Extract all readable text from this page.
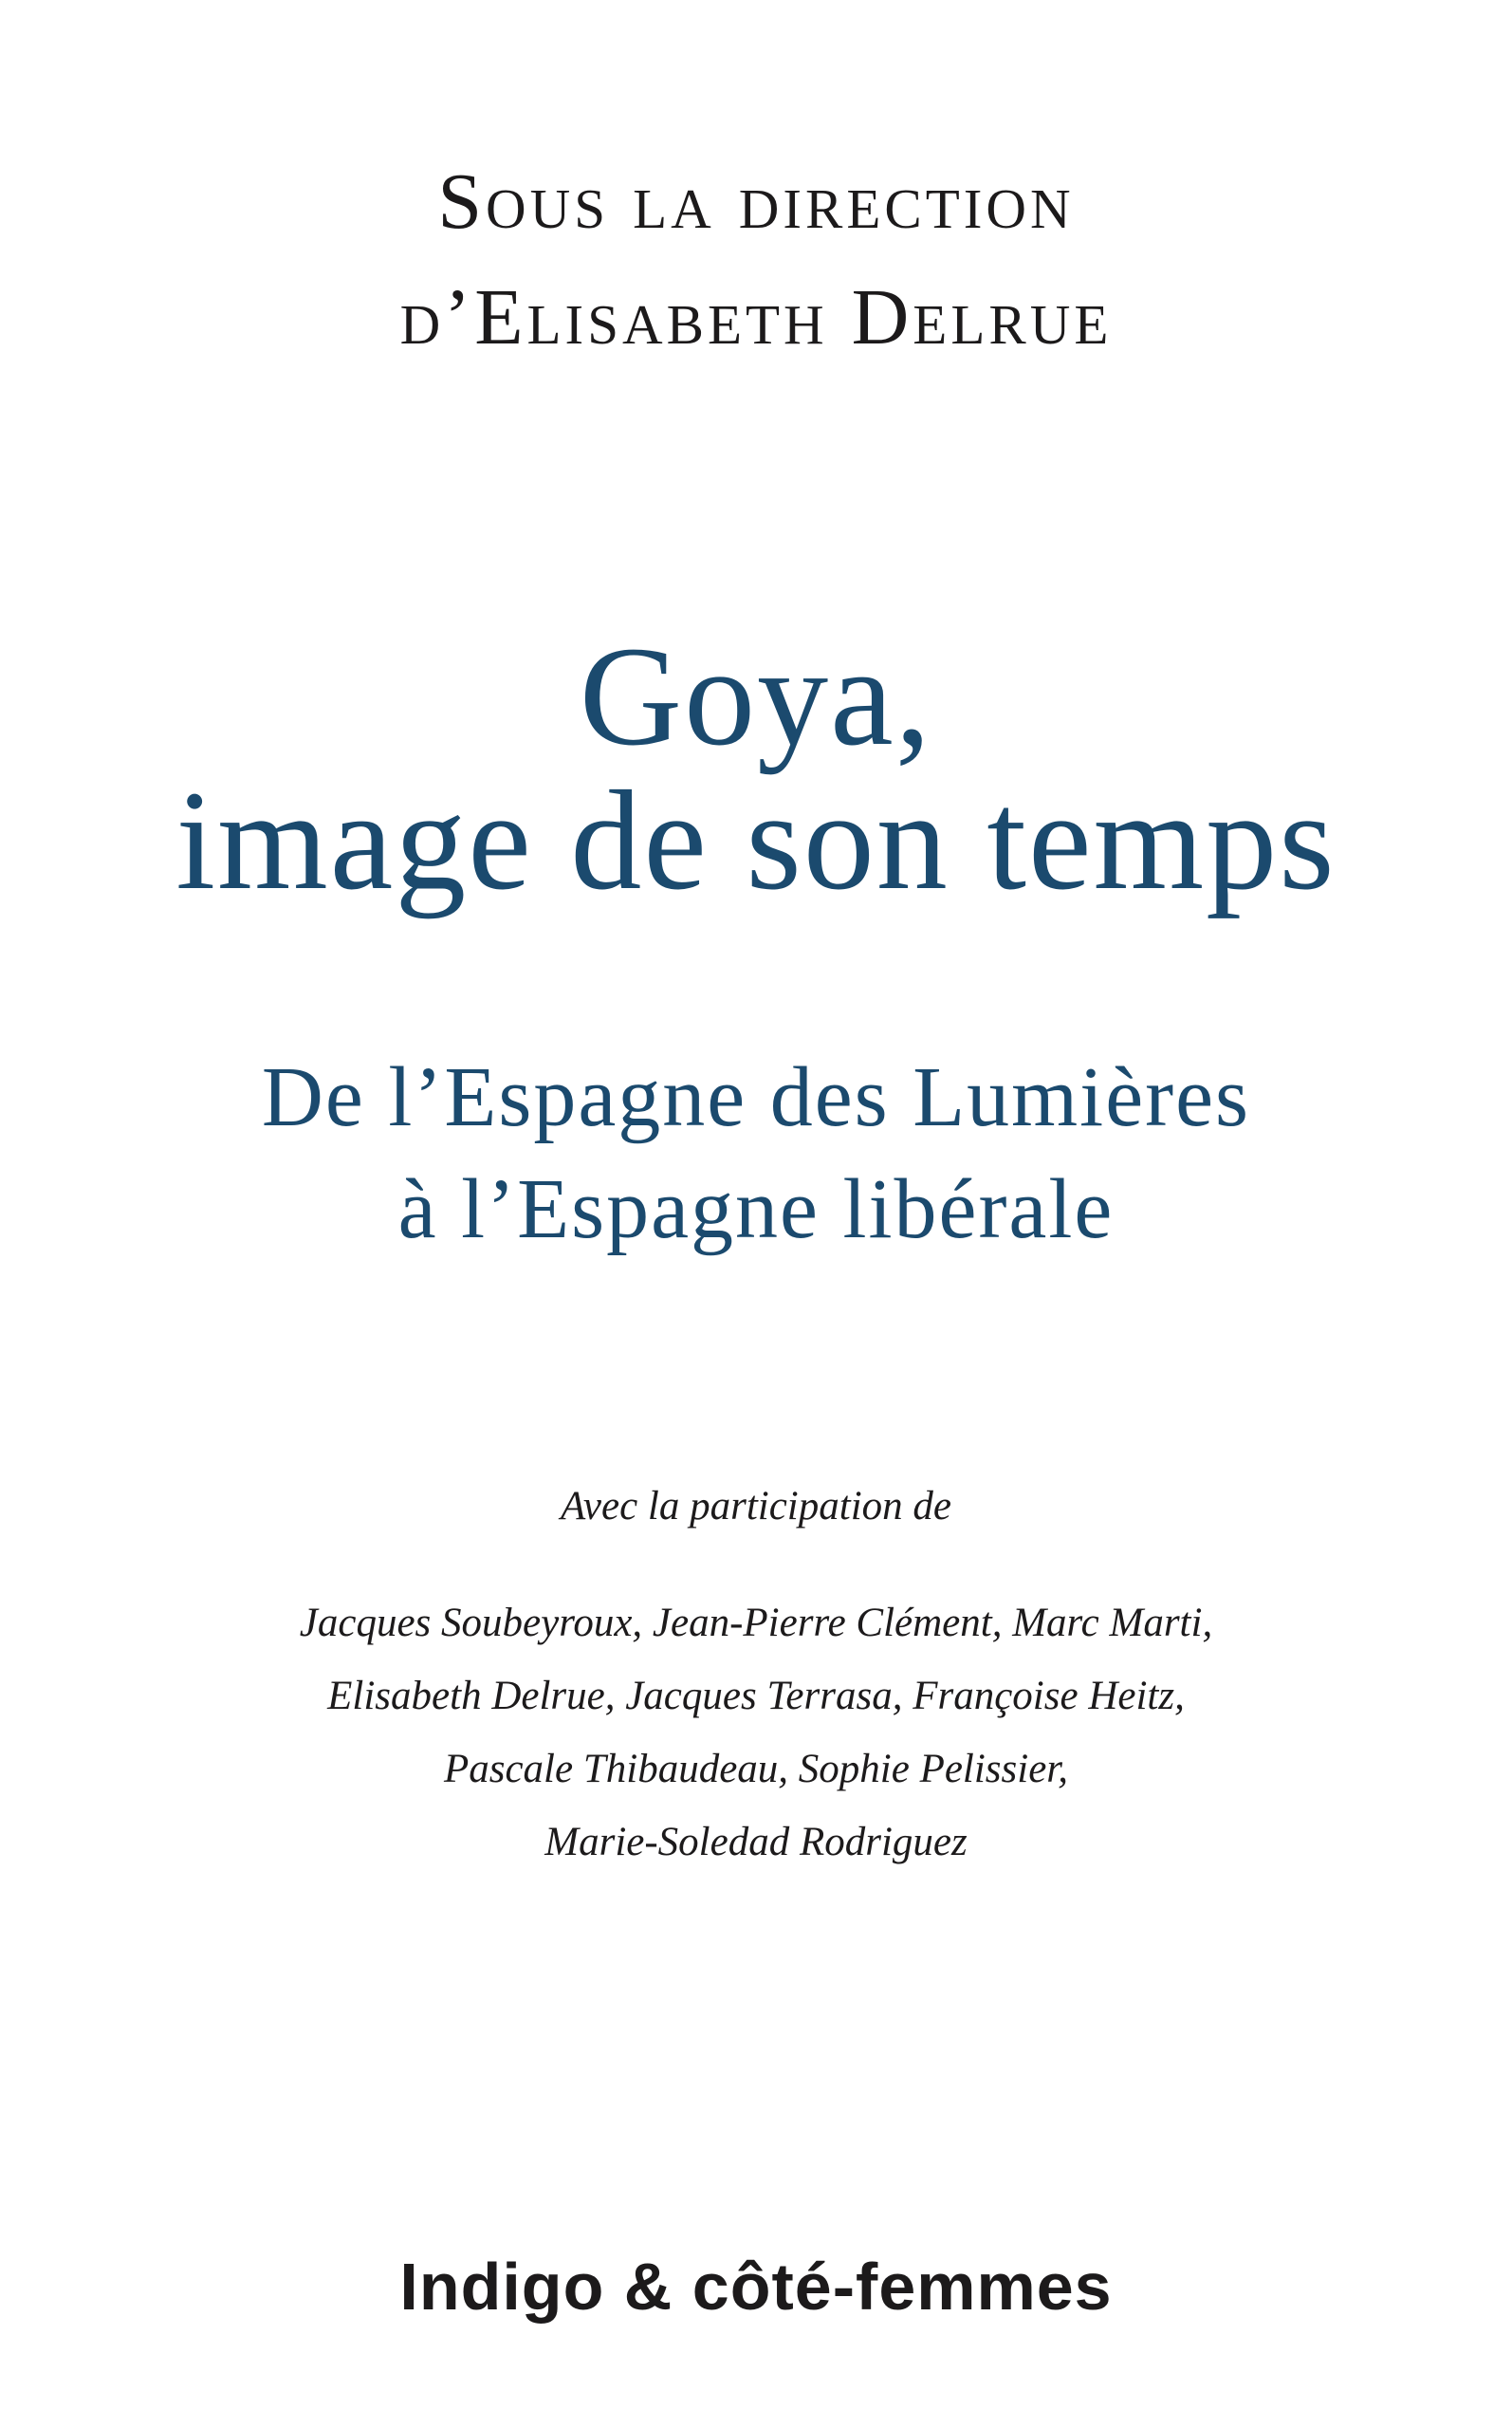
Sous la direction
d’Elisabeth Delrue
Goya,
image de son temps
De l’Espagne des Lumières
à l’Espagne libérale
Avec la participation de
Jacques Soubeyroux, Jean-Pierre Clément, Marc Marti,
Elisabeth Delrue, Jacques Terrasa, Françoise Heitz,
Pascale Thibaudeau, Sophie Pelissier,
Marie-Soledad Rodriguez
Indigo & côté-femmes
